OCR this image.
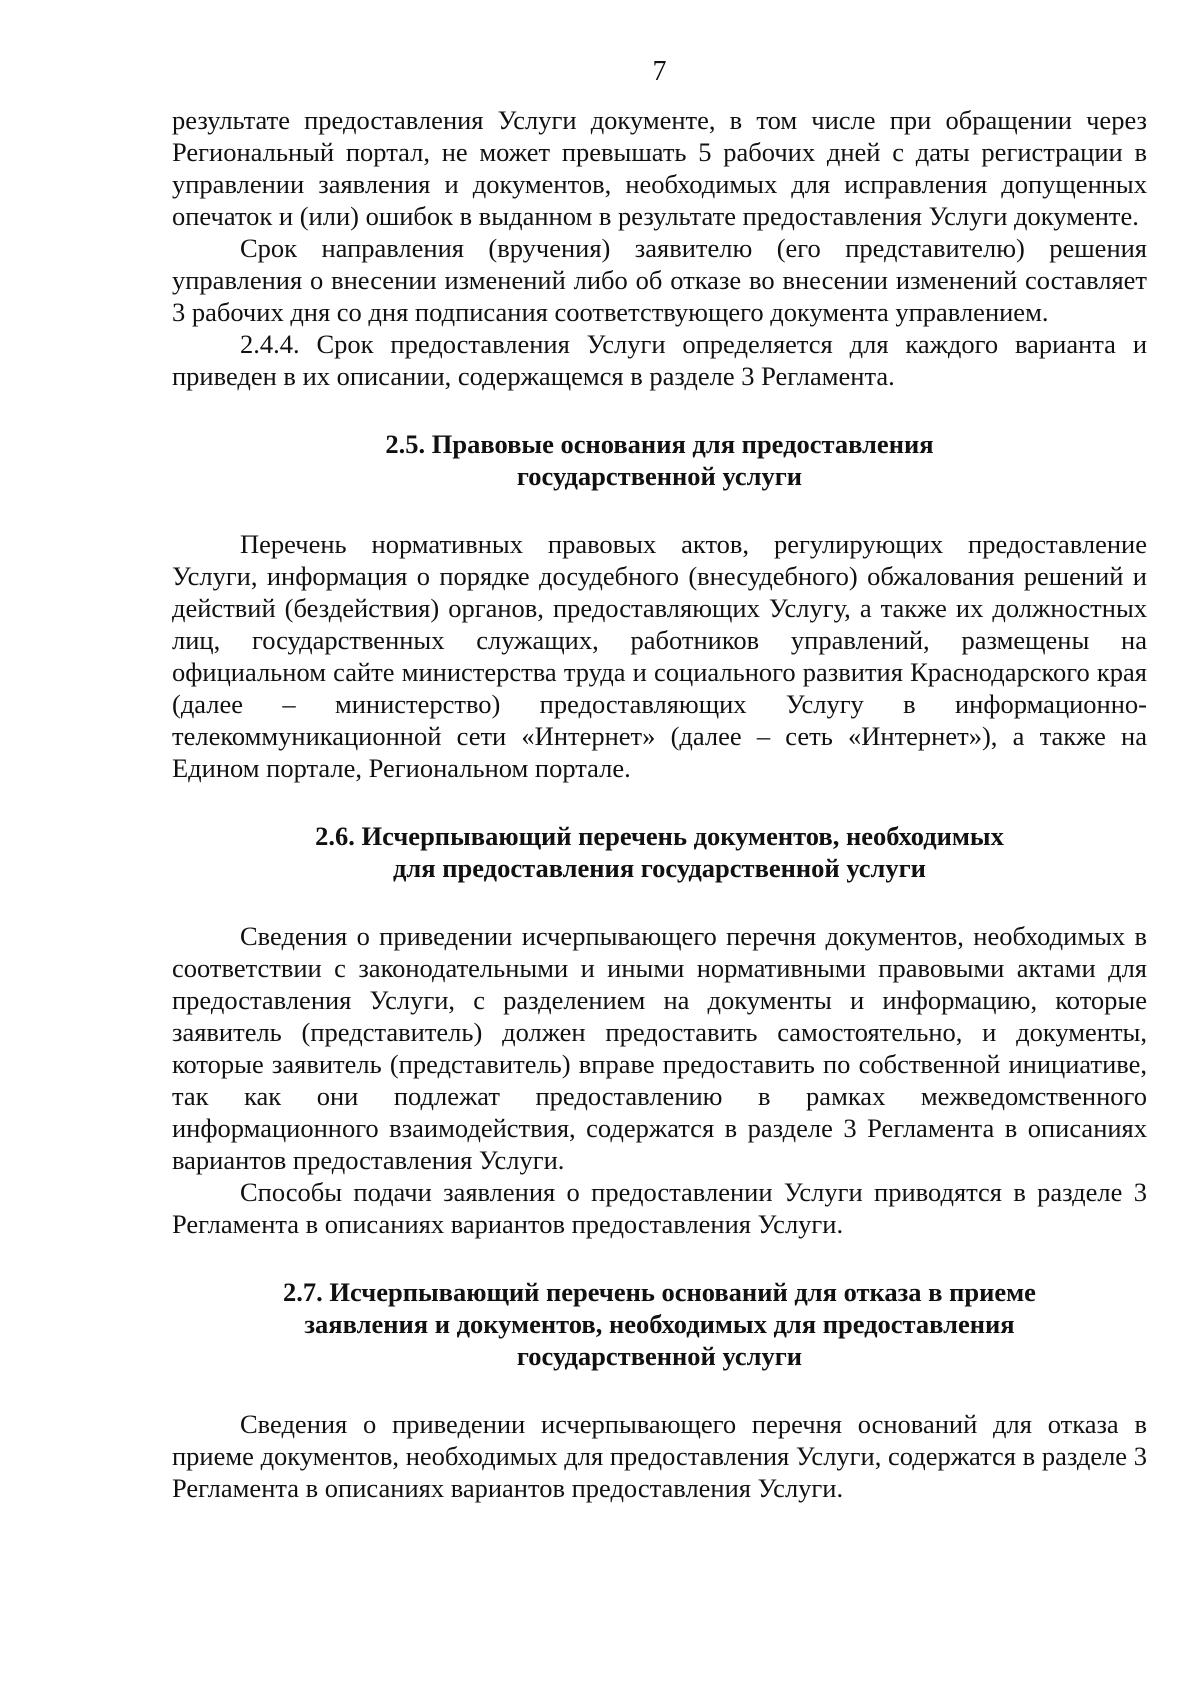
7

результате предоставления Услуги документе, в том числе при обращении через Региональный портал, не может превышать 5 рабочих дней с даты регистрации в управлении заявления и документов, необходимых для исправления допущенных опечаток и (или) ошибок в выданном в результате предоставления Услуги документе.

Срок направления (вручения) заявителю (его представителю) решения управления о внесении изменений либо об отказе во внесении изменений составляет 3 рабочих дня со дня подписания соответствующего документа управлением.

2.4.4. Срок предоставления Услуги определяется для каждого варианта и приведен в их описании, содержащемся в разделе 3 Регламента.

2.5. Правовые основания для предоставления
государственной услуги

Перечень нормативных правовых актов, регулирующих предоставление Услуги, информация о порядке досудебного (внесудебного) обжалования решений и действий (бездействия) органов, предоставляющих Услугу, а также их должностных лиц, государственных служащих, работников управлений, размещены на официальном сайте министерства труда и социального развития Краснодарского края (далее – министерство) предоставляющих Услугу в информационно-телекоммуникационной сети «Интернет» (далее – сеть «Интернет»), а также на Едином портале, Региональном портале.

2.6. Исчерпывающий перечень документов, необходимых
для предоставления государственной услуги

Сведения о приведении исчерпывающего перечня документов, необходимых в соответствии с законодательными и иными нормативными правовыми актами для предоставления Услуги, с разделением на документы и информацию, которые заявитель (представитель) должен предоставить самостоятельно, и документы, которые заявитель (представитель) вправе предоставить по собственной инициативе, так как они подлежат предоставлению в рамках межведомственного информационного взаимодействия, содержатся в разделе 3 Регламента в описаниях вариантов предоставления Услуги.

Способы подачи заявления о предоставлении Услуги приводятся в разделе 3 Регламента в описаниях вариантов предоставления Услуги.

2.7. Исчерпывающий перечень оснований для отказа в приеме
заявления и документов, необходимых для предоставления
государственной услуги

Сведения о приведении исчерпывающего перечня оснований для отказа в приеме документов, необходимых для предоставления Услуги, содержатся в разделе 3 Регламента в описаниях вариантов предоставления Услуги.
